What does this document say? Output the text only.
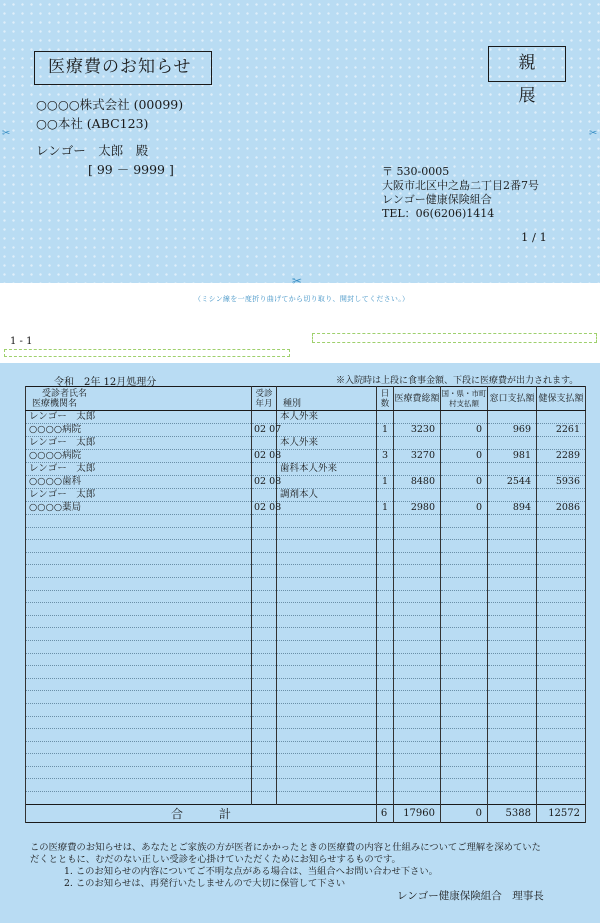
医療費のお知らせ	親　展
○○○○株式会社 (00099)
○○本社 (ABC123)
レンゴー　太郎　殿
[ 99 － 9999 ]	〒 530-0005
大阪市北区中之島二丁目2番7号
レンゴー健康保険組合
TEL：06(6206)1414
1 / 1
✂	✂
✂
（ミシン線を一度折り曲げてから切り取り、開封してください。）
1 - 1
令和　2年 12月処理分	※入院時は上段に食事金額、下段に医療費が出力されます。
受診者氏名
医療機関名	受診年月	種別	日数	医療費総額	国・県・市町村支払額	窓口支払額	健保支払額
レンゴー　太郎		本人外来					
○○○○病院	02 07		1	3230	0	969	2261
レンゴー　太郎		本人外来					
○○○○病院	02 08		3	3270	0	981	2289
レンゴー　太郎		歯科本人外来					
○○○○歯科	02 08		1	8480	0	2544	5936
レンゴー　太郎		調剤本人					
○○○○薬局	02 08		1	2980	0	894	2086

合計			6	17960	0	5388	12572
この医療費のお知らせは、あなたとご家族の方が医者にかかったときの医療費の内容と仕組みについてご理解を深めていた
だくとともに、むだのない正しい受診を心掛けていただくためにお知らせするものです。
1. このお知らせの内容についてご不明な点がある場合は、当組合へお問い合わせ下さい。
2. このお知らせは、再発行いたしませんので大切に保管して下さい
レンゴー健康保険組合　理事長
